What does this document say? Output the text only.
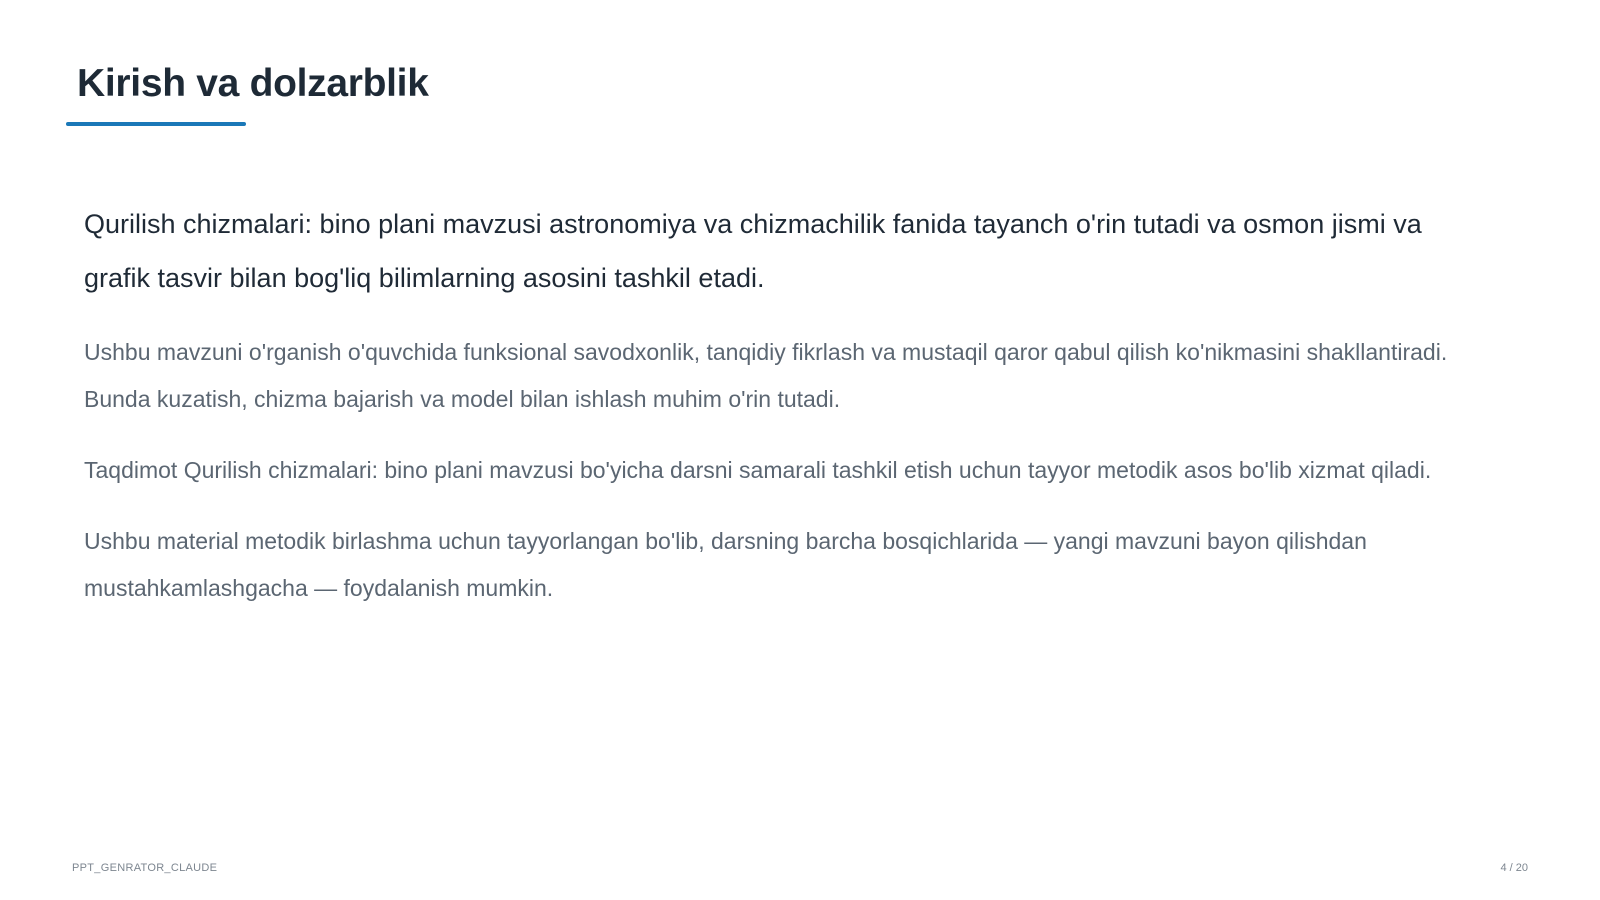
Kirish va dolzarblik

Qurilish chizmalari: bino plani mavzusi astronomiya va chizmachilik fanida tayanch o'rin tutadi va osmon jismi va grafik tasvir bilan bog'liq bilimlarning asosini tashkil etadi.

Ushbu mavzuni o'rganish o'quvchida funksional savodxonlik, tanqidiy fikrlash va mustaqil qaror qabul qilish ko'nikmasini shakllantiradi. Bunda kuzatish, chizma bajarish va model bilan ishlash muhim o'rin tutadi.

Taqdimot Qurilish chizmalari: bino plani mavzusi bo'yicha darsni samarali tashkil etish uchun tayyor metodik asos bo'lib xizmat qiladi.

Ushbu material metodik birlashma uchun tayyorlangan bo'lib, darsning barcha bosqichlarida — yangi mavzuni bayon qilishdan mustahkamlashgacha — foydalanish mumkin.

PPT_GENRATOR_CLAUDE	4 / 20
